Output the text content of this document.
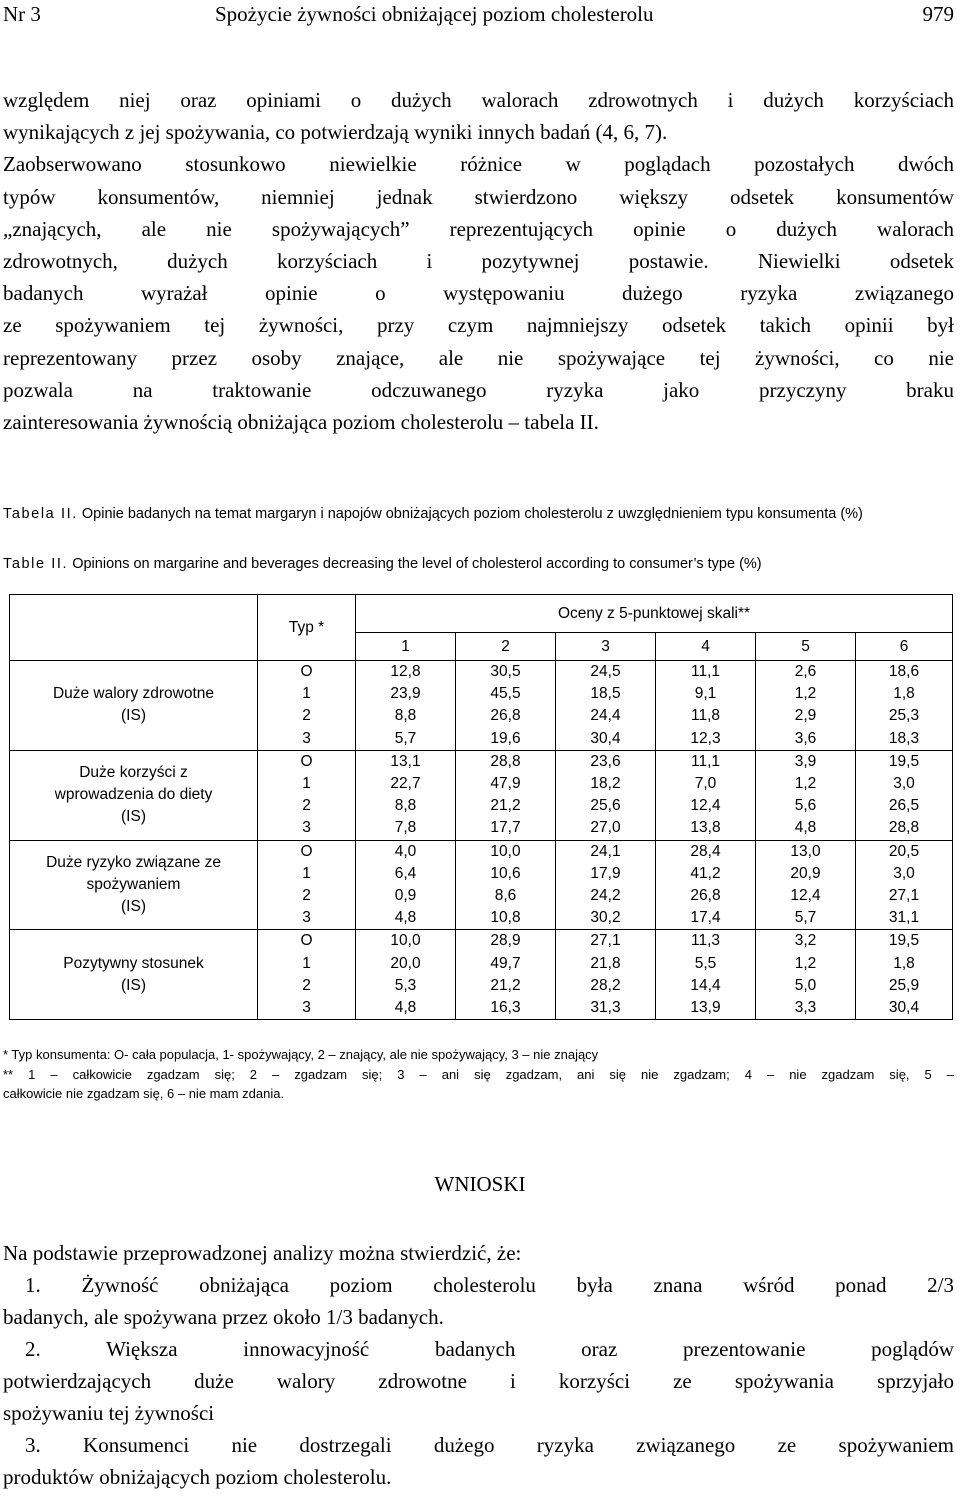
Nr 3	Spożycie żywności obniżającej poziom cholesterolu	979
względem niej oraz opiniami o dużych walorach zdrowotnych i dużych korzyściach
wynikających z jej spożywania, co potwierdzają wyniki innych badań (4, 6, 7).
Zaobserwowano stosunkowo niewielkie różnice w poglądach pozostałych dwóch
typów konsumentów, niemniej jednak stwierdzono większy odsetek konsumentów
„znających, ale nie spożywających” reprezentujących opinie o dużych walorach
zdrowotnych, dużych korzyściach i pozytywnej postawie. Niewielki odsetek
badanych wyrażał opinie o występowaniu dużego ryzyka związanego
ze spożywaniem tej żywności, przy czym najmniejszy odsetek takich opinii był
reprezentowany przez osoby znające, ale nie spożywające tej żywności, co nie
pozwala na traktowanie odczuwanego ryzyka jako przyczyny braku
zainteresowania żywnością obniżająca poziom cholesterolu – tabela II.
Tabela II. Opinie badanych na temat margaryn i napojów obniżających poziom cholesterolu z uwzględnieniem typu konsumenta (%)
Table II. Opinions on margarine and beverages decreasing the level of cholesterol according to consumer’s type (%)
	Typ *	Oceny z 5-punktowej skali**					
		1	2	3	4	5	6

Duże walory zdrowotne
(IS)	O	12,8	30,5	24,5	11,1	2,6	18,6
	1	23,9	45,5	18,5	9,1	1,2	1,8
	2	8,8	26,8	24,4	11,8	2,9	25,3
	3	5,7	19,6	30,4	12,3	3,6	18,3

Duże korzyści z
wprowadzenia do diety
(IS)	O	13,1	28,8	23,6	11,1	3,9	19,5
	1	22,7	47,9	18,2	7,0	1,2	3,0
	2	8,8	21,2	25,6	12,4	5,6	26,5
	3	7,8	17,7	27,0	13,8	4,8	28,8

Duże ryzyko związane ze
spożywaniem
(IS)	O	4,0	10,0	24,1	28,4	13,0	20,5
	1	6,4	10,6	17,9	41,2	20,9	3,0
	2	0,9	8,6	24,2	26,8	12,4	27,1
	3	4,8	10,8	30,2	17,4	5,7	31,1

Pozytywny stosunek
(IS)	O	10,0	28,9	27,1	11,3	3,2	19,5
	1	20,0	49,7	21,8	5,5	1,2	1,8
	2	5,3	21,2	28,2	14,4	5,0	25,9
	3	4,8	16,3	31,3	13,9	3,3	30,4
* Typ konsumenta: O- cała populacja, 1- spożywający, 2 – znający, ale nie spożywający, 3 – nie znający
** 1 – całkowicie zgadzam się; 2 – zgadzam się; 3 – ani się zgadzam, ani się nie zgadzam; 4 – nie zgadzam się, 5 –
całkowicie nie zgadzam się, 6 – nie mam zdania.
WNIOSKI
Na podstawie przeprowadzonej analizy można stwierdzić, że:
1. Żywność obniżająca poziom cholesterolu była znana wśród ponad 2/3
badanych, ale spożywana przez około 1/3 badanych.
2. Większa innowacyjność badanych oraz prezentowanie poglądów
potwierdzających duże walory zdrowotne i korzyści ze spożywania sprzyjało
spożywaniu tej żywności
3. Konsumenci nie dostrzegali dużego ryzyka związanego ze spożywaniem
produktów obniżających poziom cholesterolu.
